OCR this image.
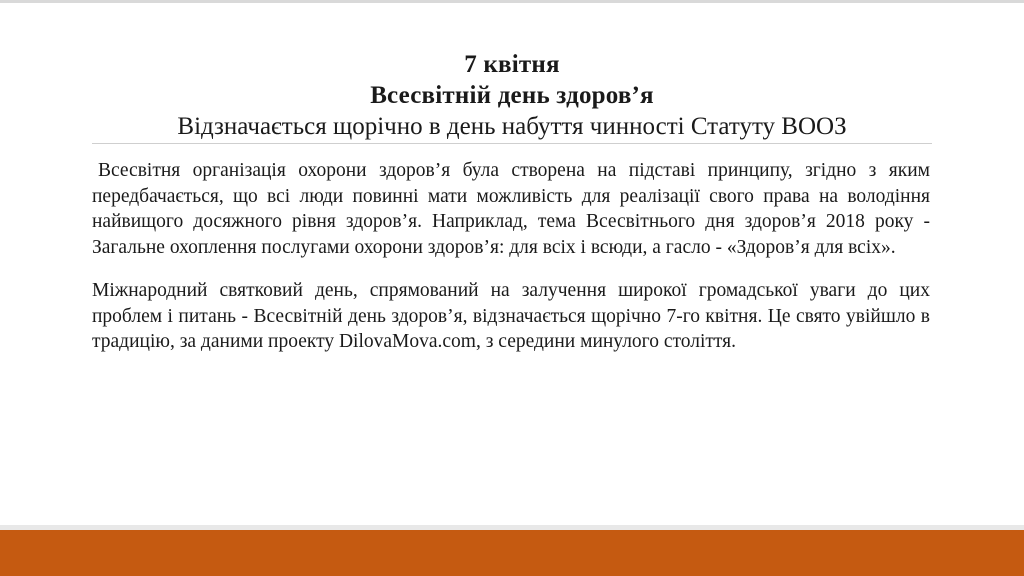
7 квітня
Всесвітній день здоров’я
Відзначається щорічно в день набуття чинності Статуту ВООЗ

Всесвітня організація охорони здоров’я була створена на підставі принципу, згідно з яким передбачається, що всі люди повинні мати можливість для реалізації свого права на володіння найвищого досяжного рівня здоров’я. Наприклад, тема Всесвітнього дня здоров’я 2018 року - Загальне охоплення послугами охорони здоров’я: для всіх і всюди, а гасло - «Здоров’я для всіх».

Міжнародний святковий день, спрямований на залучення широкої громадської уваги до цих проблем і питань - Всесвітній день здоров’я, відзначається щорічно 7-го квітня. Це свято увійшло в традицію, за даними проекту DilovaMova.com, з середини минулого століття.
